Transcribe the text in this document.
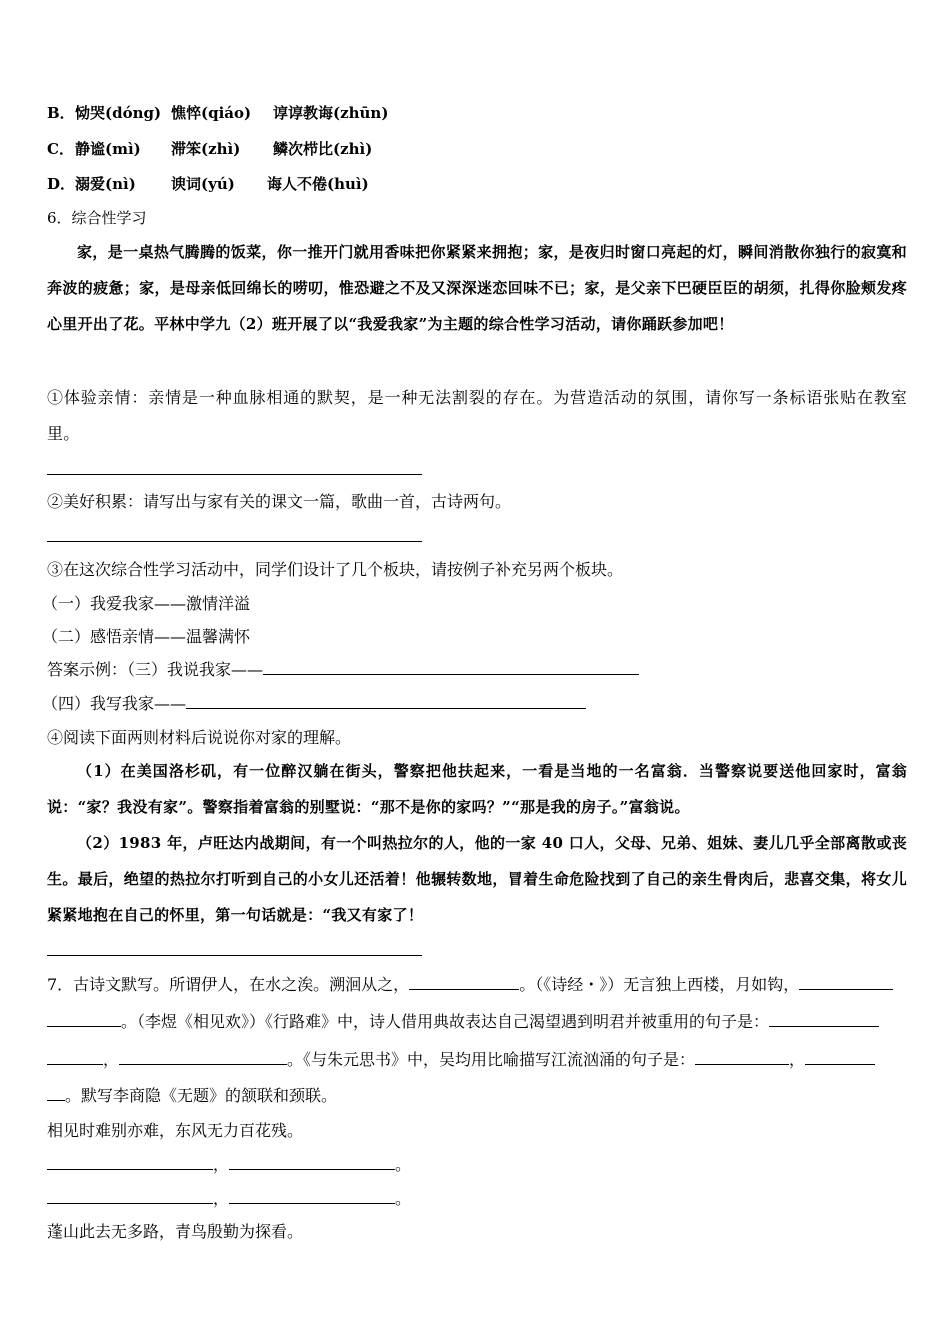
B． 恸哭(dóng) 憔悴(qiáo) 谆谆教诲(zhūn)
C． 静谧(mì) 滞笨(zhì) 鳞次栉比(zhì)
D． 溺爱(nì) 谀词(yú) 诲人不倦(huì)
6．综合性学习
家，是一桌热气腾腾的饭菜，你一推开门就用香味把你紧紧来拥抱；家，是夜归时窗口亮起的灯，瞬间消散你独行的寂寞和奔波的疲惫；家，是母亲低回绵长的唠叨，惟恐避之不及又深深迷恋回味不已；家，是父亲下巴硬臣臣的胡须，扎得你脸颊发疼心里开出了花。平林中学九（2）班开展了以“我爱我家”为主题的综合性学习活动，请你踊跃参加吧！
①体验亲情：亲情是一种血脉相通的默契，是一种无法割裂的存在。为营造活动的氛围，请你写一条标语张贴在教室里。
②美好积累：请写出与家有关的课文一篇，歌曲一首，古诗两句。
③在这次综合性学习活动中，同学们设计了几个板块，请按例子补充另两个板块。
（一）我爱我家——激情洋溢
（二）感悟亲情——温馨满怀
答案示例：（三）我说我家——
（四）我写我家——
④阅读下面两则材料后说说你对家的理解。
（1）在美国洛杉矶，有一位醉汉躺在街头，警察把他扶起来，一看是当地的一名富翁．当警察说要送他回家时，富翁说：“家？我没有家”。警察指着富翁的别墅说：“那不是你的家吗？”“那是我的房子。”富翁说。
（2）1983 年，卢旺达内战期间，有一个叫热拉尔的人，他的一家 40 口人，父母、兄弟、姐妹、妻儿几乎全部离散或丧生。最后，绝望的热拉尔打听到自己的小女儿还活着！他辗转数地，冒着生命危险找到了自己的亲生骨肉后，悲喜交集，将女儿紧紧地抱在自己的怀里，第一句话就是：“我又有家了！
7．古诗文默写。所谓伊人，在水之涘。溯洄从之，	。（《诗经・》）无言独上西楼，月如钩，
。（李煜《相见欢》）《行路难》中，诗人借用典故表达自己渴望遇到明君并被重用的句子是：
，	。《与朱元思书》中，吴均用比喻描写江流汹涌的句子是：	，
。默写李商隐《无题》的颔联和颈联。
相见时难别亦难，东风无力百花残。
，	。
，	。
蓬山此去无多路，青鸟殷勤为探看。
